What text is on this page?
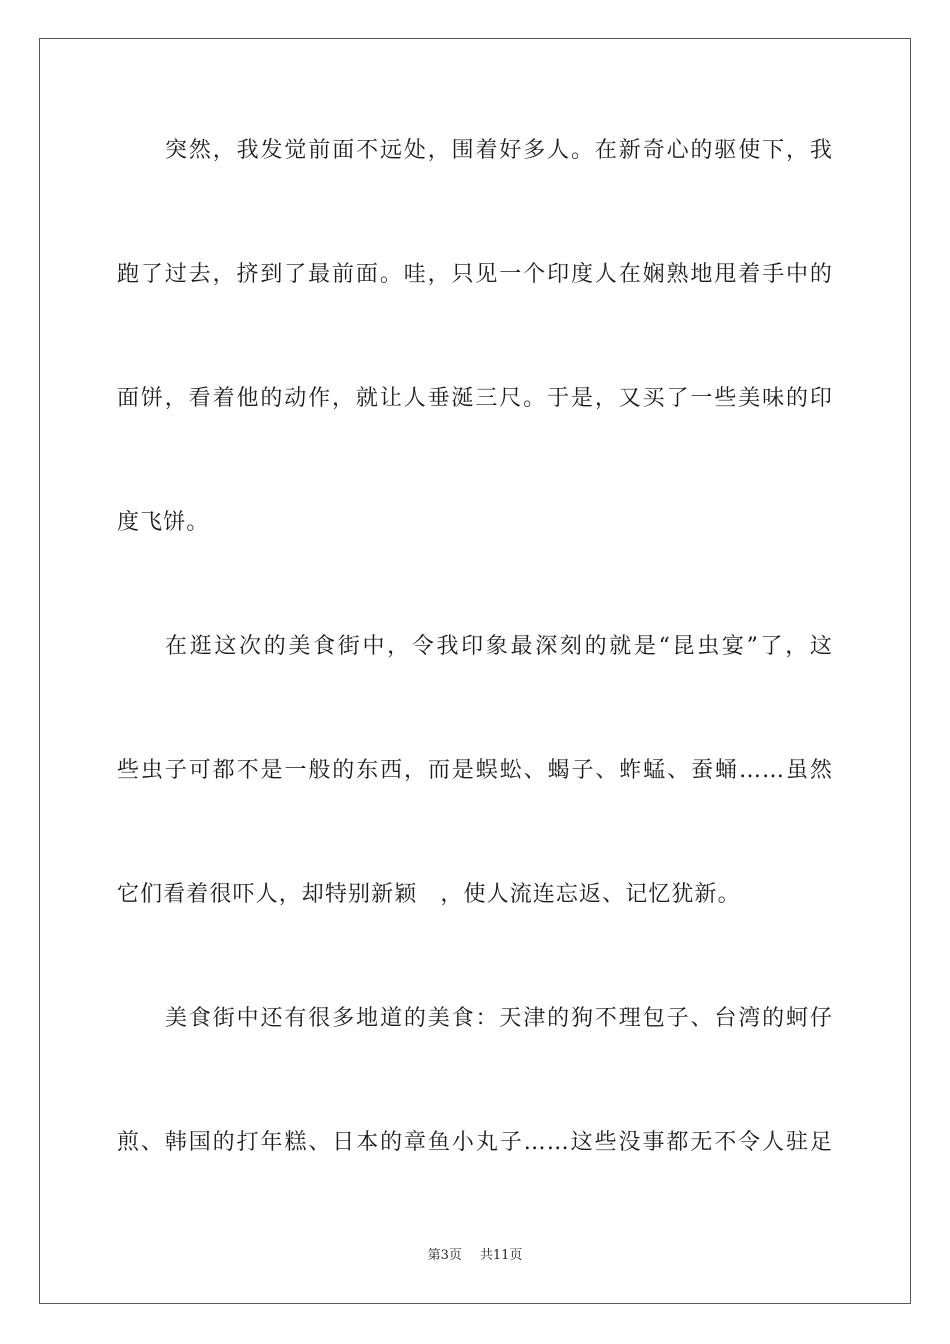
突然，我发觉前面不远处，围着好多人。在新奇心的驱使下，我
跑了过去，挤到了最前面。哇，只见一个印度人在娴熟地甩着手中的
面饼，看着他的动作，就让人垂涎三尺。于是，又买了一些美味的印
度飞饼。
在逛这次的美食街中，令我印象最深刻的就是“昆虫宴”了，这
些虫子可都不是一般的东西，而是蜈蚣、蝎子、蚱蜢、蚕蛹……虽然
它们看着很吓人，却特别新颖　，使人流连忘返、记忆犹新。
美食街中还有很多地道的美食：天津的狗不理包子、台湾的蚵仔
煎、韩国的打年糕、日本的章鱼小丸子……这些没事都无不令人驻足
第3页 共11页
